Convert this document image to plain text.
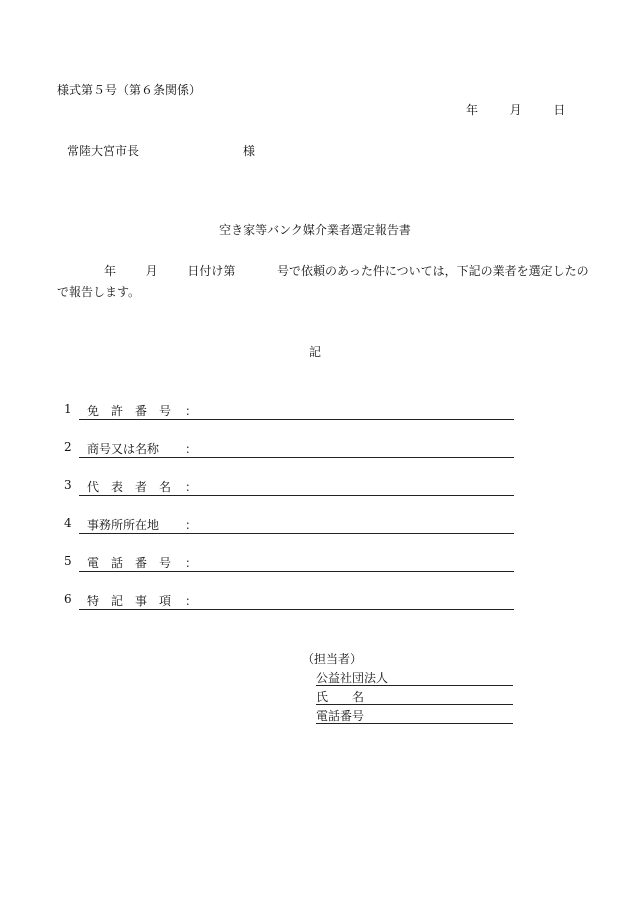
様式第５号（第６条関係）
年	月	日
常陸大宮市長	様
空き家等バンク媒介業者選定報告書
年 月 日付け第	号で依頼のあった件については，下記の業者を選定したの
で報告します。
記
1 免　許　番　号 ：
2 商号又は名称 ：
3 代　表　者　名 ：
4 事務所所在地 ：
5 電　話　番　号 ：
6 特　記　事　項 ：
（担当者）
公益社団法人
氏　　名
電話番号
